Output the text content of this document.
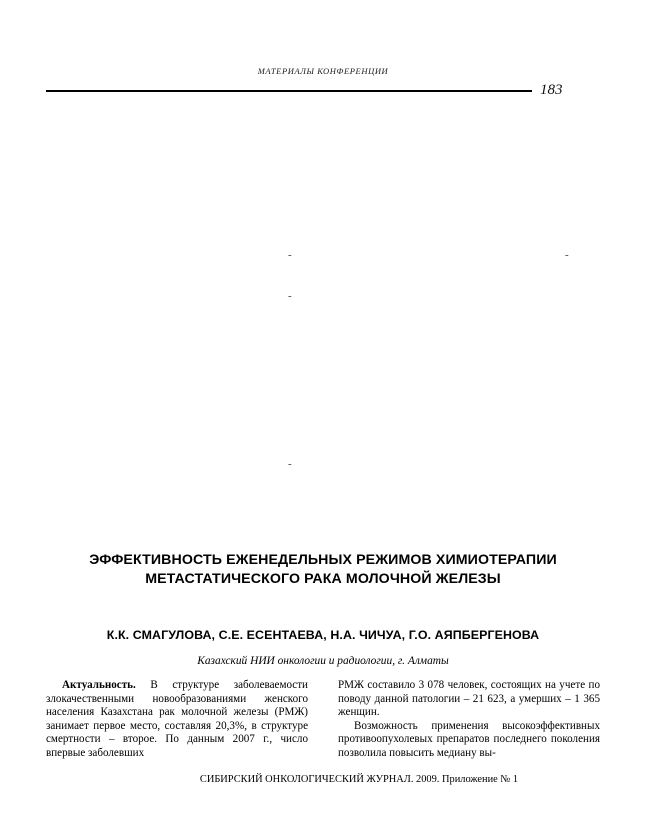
МАТЕРИАЛЫ КОНФЕРЕНЦИИ
183
-	-
-
-
ЭФФЕКТИВНОСТЬ ЕЖЕНЕДЕЛЬНЫХ РЕЖИМОВ ХИМИОТЕРАПИИ МЕТАСТАТИЧЕСКОГО РАКА МОЛОЧНОЙ ЖЕЛЕЗЫ
К.К. СМАГУЛОВА, С.Е. ЕСЕНТАЕВА, Н.А. ЧИЧУА, Г.О. АЯПБЕРГЕНОВА
Казахский НИИ онкологии и радиологии, г. Алматы

Актуальность. В структуре заболеваемости злокачественными новообразованиями женского населения Казахстана рак молочной железы (РМЖ) занимает первое место, составляя 20,3%, в структуре смертности – второе. По данным 2007 г., число впервые заболевших

РМЖ составило 3 078 человек, состоящих на учете по поводу данной патологии – 21 623, а умерших – 1 365 женщин.

Возможность применения высокоэффективных противоопухолевых препаратов последнего поколения позволила повысить медиану вы-

СИБИРСКИЙ ОНКОЛОГИЧЕСКИЙ ЖУРНАЛ. 2009. Приложение № 1
